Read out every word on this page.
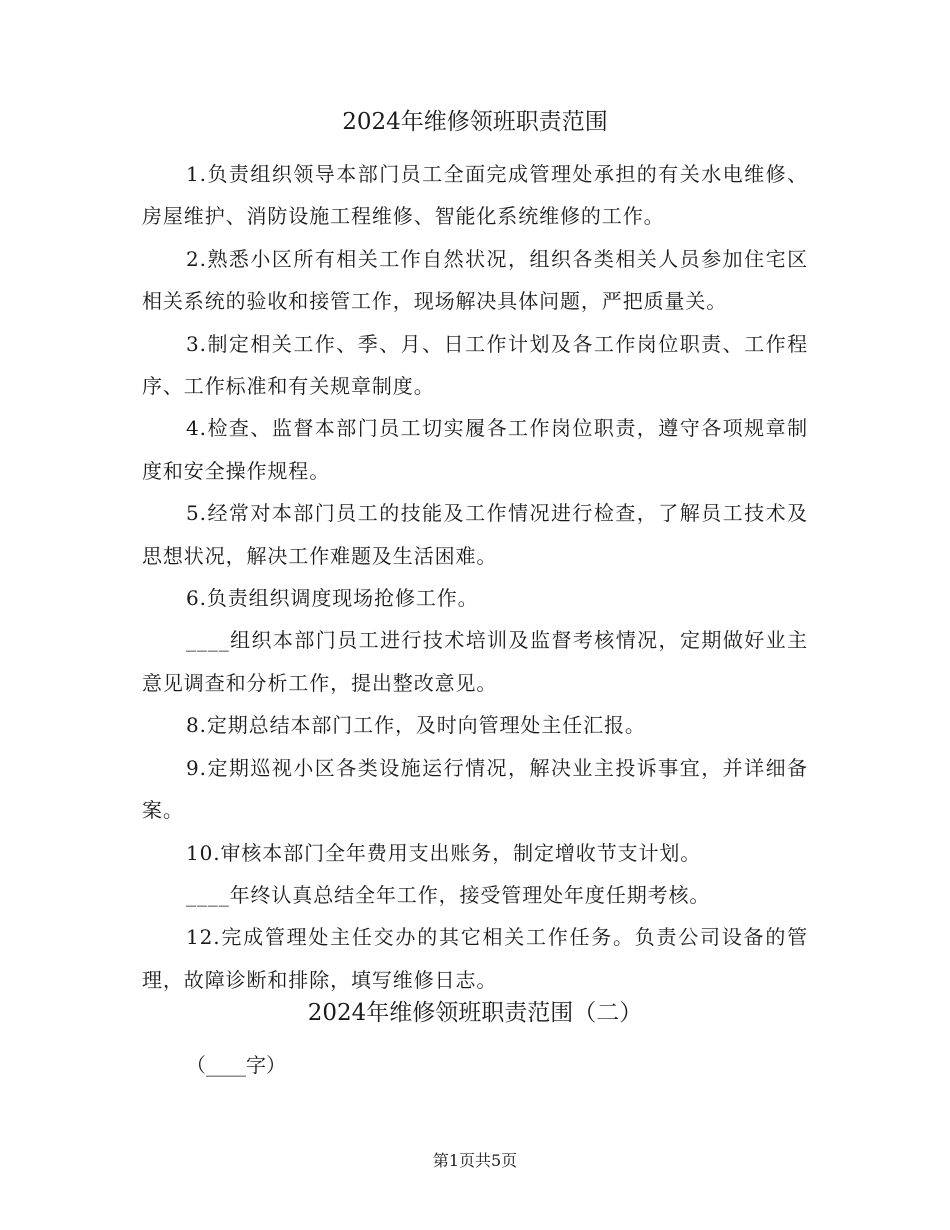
2024年维修领班职责范围

1.负责组织领导本部门员工全面完成管理处承担的有关水电维修、房屋维护、消防设施工程维修、智能化系统维修的工作。

2.熟悉小区所有相关工作自然状况，组织各类相关人员参加住宅区相关系统的验收和接管工作，现场解决具体问题，严把质量关。

3.制定相关工作、季、月、日工作计划及各工作岗位职责、工作程序、工作标准和有关规章制度。

4.检查、监督本部门员工切实履各工作岗位职责，遵守各项规章制度和安全操作规程。

5.经常对本部门员工的技能及工作情况进行检查，了解员工技术及思想状况，解决工作难题及生活困难。

6.负责组织调度现场抢修工作。

____组织本部门员工进行技术培训及监督考核情况，定期做好业主意见调查和分析工作，提出整改意见。

8.定期总结本部门工作，及时向管理处主任汇报。

9.定期巡视小区各类设施运行情况，解决业主投诉事宜，并详细备案。

10.审核本部门全年费用支出账务，制定增收节支计划。

____年终认真总结全年工作，接受管理处年度任期考核。

12.完成管理处主任交办的其它相关工作任务。负责公司设备的管理，故障诊断和排除，填写维修日志。

2024年维修领班职责范围（二）
（____字）
第1页共5页
